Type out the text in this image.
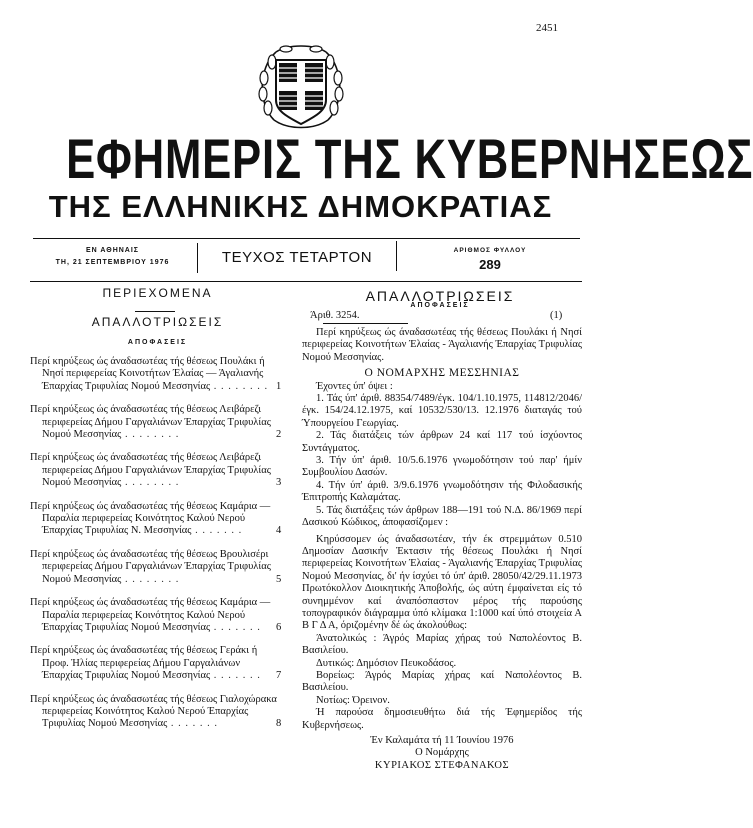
2451
ΕΦΗΜΕΡΙΣ ΤΗΣ ΚΥΒΕΡΝΗΣΕΩΣ
ΤΗΣ ΕΛΛΗΝΙΚΗΣ ΔΗΜΟΚΡΑΤΙΑΣ
ΕΝ ΑΘΗΝΑΙΣ
ΤΗ, 21 ΣΕΠΤΕΜΒΡΙΟΥ 1976	ΤΕΥΧΟΣ ΤΕΤΑΡΤΟΝ	ΑΡΙΘΜΟΣ ΦΥΛΛΟΥ
289
ΠΕΡΙΕΧΟΜΕΝΑ
ΑΠΑΛΛΟΤΡΙΩΣΕΙΣ
ΑΠΟΦΑΣΕΙΣ
Περί κηρύξεως ώς άναδασωτέας τής θέσεως Πουλάκι ή Νησί περιφερείας Κοινοτήτων Έλαίας — Άγαλιανής Έπαρχίας Τριφυλίας Νομού Μεσσηνίας . . . . . . . . 1
Περί κηρύξεως ώς άναδασωτέας τής θέσεως Λειβάρεζι περιφερείας Δήμου Γαργαλιάνων Έπαρχίας Τριφυλίας Νομού Μεσσηνίας . . . . . . . .	2
Περί κηρύξεως ώς άναδασωτέας τής θέσεως Λειβάρεζι περιφερείας Δήμου Γαργαλιάνων Έπαρχίας Τριφυλίας Νομού Μεσσηνίας . . . . . . . .	3
Περί κηρύξεως ώς άναδασωτέας τής θέσεως Καμάρια — Παραλία περιφερείας Κοινότητος Καλού Νερού Έπαρχίας Τριφυλίας Ν. Μεσσηνίας . . . . . . .	4
Περί κηρύξεως ώς άναδασωτέας τής θέσεως Βρουλισέρι περιφερείας Δήμου Γαργαλιάνων Έπαρχίας Τριφυλίας Νομού Μεσσηνίας . . . . . . . .	5
Περί κηρύξεως ώς άναδασωτέας τής θέσεως Καμάρια — Παραλία περιφερείας Κοινότητος Καλού Νερού Έπαρχίας Τριφυλίας Νομού Μεσσηνίας . . . . . . . 6
Περί κηρύξεως ώς άναδασωτέας τής θέσεως Γεράκι ή Προφ. Ήλίας περιφερείας Δήμου Γαργαλιάνων Έπαρχίας Τριφυλίας Νομού Μεσσηνίας . . . . . . . 7
Περί κηρύξεως ώς άναδασωτέας τής θέσεως Γιαλοχώρακα περιφερείας Κοινότητος Καλού Νερού Έπαρχίας Τριφυλίας Νομού Μεσσηνίας . . . . . . .	8
ΑΠΑΛΛΟΤΡΙΩΣΕΙΣ
ΑΠΟΦΑΣΕΙΣ
Άριθ. 3254.	(1)

Περί κηρύξεως ώς άναδασωτέας τής θέσεως Πουλάκι ή Νησί περιφερείας Κοινοτήτων Έλαίας - Άγαλιανής Έπαρχίας Τριφυλίας Νομού Μεσσηνίας.

Ο ΝΟΜΑΡΧΗΣ ΜΕΣΣΗΝΙΑΣ

Έχοντες ύπ' όψει :

1. Τάς ύπ' άριθ. 88354/7489/έγκ. 104/1.10.1975, 114812/2046/έγκ. 154/24.12.1975, καί 10532/530/13. 12.1976 διαταγάς τού Ύπουργείου Γεωργίας.

2. Τάς διατάξεις τών άρθρων 24 καί 117 τού ίσχύοντος Συντάγματος.

3. Τήν ύπ' άριθ. 10/5.6.1976 γνωμοδότησιν τού παρ' ήμίν Συμβουλίου Δασών.

4. Τήν ύπ' άριθ. 3/9.6.1976 γνωμοδότησιν τής Φιλοδασικής Έπιτροπής Καλαμάτας.

5. Τάς διατάξεις τών άρθρων 188—191 τού Ν.Δ. 86/1969 περί Δασικού Κώδικος, άποφασίζομεν :

Κηρύσσομεν ώς άναδασωτέαν, τήν έκ στρεμμάτων 0.510 Δημοσίαν Δασικήν Έκτασιν τής θέσεως Πουλάκι ή Νησί περιφερείας Κοινοτήτων Έλαίας - Άγαλιανής Έπαρχίας Τριφυλίας Νομού Μεσσηνίας, δι' ήν ίσχύει τό ύπ' άριθ. 28050/42/29.11.1973 Πρωτόκολλον Διοικητικής Άποβολής, ώς αύτη έμφαίνεται είς τό συνημμένον καί άναπόσπαστον μέρος τής παρούσης τοπογραφικόν διάγραμμα ύπό κλίμακα 1:1000 καί ύπό στοιχεία Α Β Γ Δ Α, όριζομένην δέ ώς άκολούθως:

Άνατολικώς : Άγρός Μαρίας χήρας τού Ναπολέοντος Β. Βασιλείου.

Δυτικώς: Δημόσιον Πευκοδάσος.

Βορείως: Άγρός Μαρίας χήρας καί Ναπολέοντος Β. Βασιλείου.

Νοτίως: Όρεινον.

Ή παρούσα δημοσιευθήτω διά τής Έφημερίδος τής Κυβερνήσεως.

Έν Καλαμάτα τή 11 Ίουνίου 1976

Ο Νομάρχης

ΚΥΡΙΑΚΟΣ ΣΤΕΦΑΝΑΚΟΣ
